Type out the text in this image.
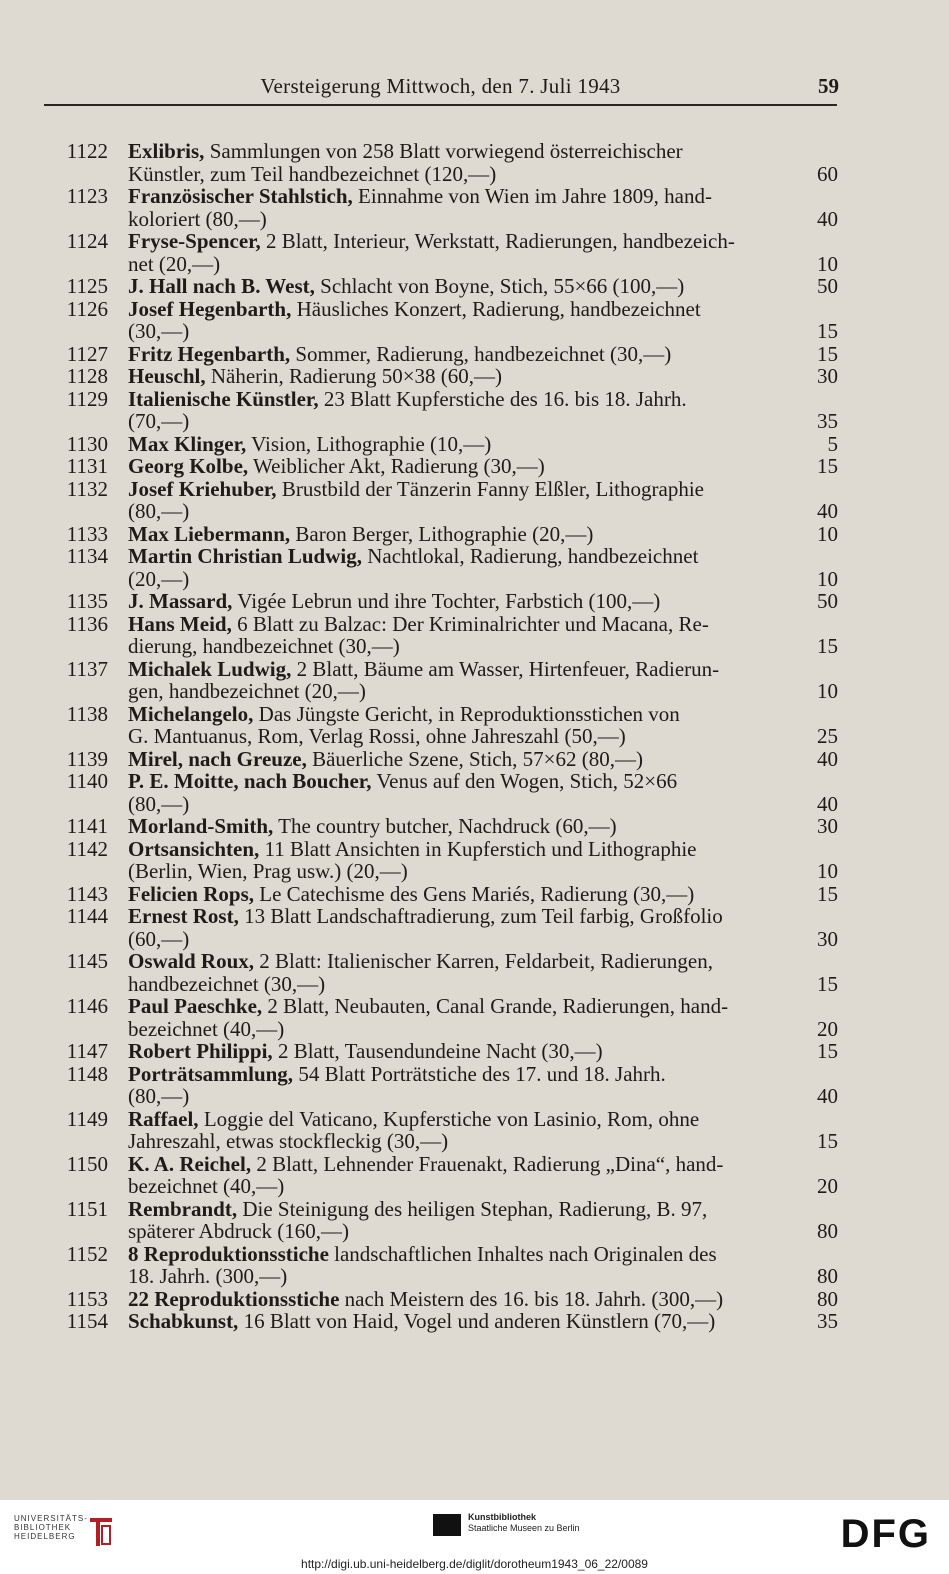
Versteigerung Mittwoch, den 7. Juli 1943	59
1122 Exlibris, Sammlungen von 258 Blatt vorwiegend österreichischer
Künstler, zum Teil handbezeichnet (120,—)	60
1123 Französischer Stahlstich, Einnahme von Wien im Jahre 1809, hand-
koloriert (80,—)	40
1124 Fryse-Spencer, 2 Blatt, Interieur, Werkstatt, Radierungen, handbezeich-
net (20,—)	10
1125 J. Hall nach B. West, Schlacht von Boyne, Stich, 55×66 (100,—)	50
1126 Josef Hegenbarth, Häusliches Konzert, Radierung, handbezeichnet
(30,—)	15
1127 Fritz Hegenbarth, Sommer, Radierung, handbezeichnet (30,—)	15
1128 Heuschl, Näherin, Radierung 50×38 (60,—)	30
1129 Italienische Künstler, 23 Blatt Kupferstiche des 16. bis 18. Jahrh.
(70,—)	35
1130 Max Klinger, Vision, Lithographie (10,—)	5
1131 Georg Kolbe, Weiblicher Akt, Radierung (30,—)	15
1132 Josef Kriehuber, Brustbild der Tänzerin Fanny Elßler, Lithographie
(80,—)	40
1133 Max Liebermann, Baron Berger, Lithographie (20,—)	10
1134 Martin Christian Ludwig, Nachtlokal, Radierung, handbezeichnet
(20,—)	10
1135 J. Massard, Vigée Lebrun und ihre Tochter, Farbstich (100,—)	50
1136 Hans Meid, 6 Blatt zu Balzac: Der Kriminalrichter und Macana, Re-
dierung, handbezeichnet (30,—)	15
1137 Michalek Ludwig, 2 Blatt, Bäume am Wasser, Hirtenfeuer, Radierun-
gen, handbezeichnet (20,—)	10
1138 Michelangelo, Das Jüngste Gericht, in Reproduktionsstichen von
G. Mantuanus, Rom, Verlag Rossi, ohne Jahreszahl (50,—)	25
1139 Mirel, nach Greuze, Bäuerliche Szene, Stich, 57×62 (80,—)	40
1140 P. E. Moitte, nach Boucher, Venus auf den Wogen, Stich, 52×66
(80,—)	40
1141 Morland-Smith, The country butcher, Nachdruck (60,—)	30
1142 Ortsansichten, 11 Blatt Ansichten in Kupferstich und Lithographie
(Berlin, Wien, Prag usw.) (20,—)	10
1143 Felicien Rops, Le Catechisme des Gens Mariés, Radierung (30,—)	15
1144 Ernest Rost, 13 Blatt Landschaftradierung, zum Teil farbig, Großfolio
(60,—)	30
1145 Oswald Roux, 2 Blatt: Italienischer Karren, Feldarbeit, Radierungen,
handbezeichnet (30,—)	15
1146 Paul Paeschke, 2 Blatt, Neubauten, Canal Grande, Radierungen, hand-
bezeichnet (40,—)	20
1147 Robert Philippi, 2 Blatt, Tausendundeine Nacht (30,—)	15
1148 Porträtsammlung, 54 Blatt Porträtstiche des 17. und 18. Jahrh.
(80,—)	40
1149 Raffael, Loggie del Vaticano, Kupferstiche von Lasinio, Rom, ohne
Jahreszahl, etwas stockfleckig (30,—)	15
1150 K. A. Reichel, 2 Blatt, Lehnender Frauenakt, Radierung „Dina“, hand-
bezeichnet (40,—)	20
1151 Rembrandt, Die Steinigung des heiligen Stephan, Radierung, B. 97,
späterer Abdruck (160,—)	80
1152 8 Reproduktionsstiche landschaftlichen Inhaltes nach Originalen des
18. Jahrh. (300,—)	80
1153 22 Reproduktionsstiche nach Meistern des 16. bis 18. Jahrh. (300,—)	80
1154 Schabkunst, 16 Blatt von Haid, Vogel und anderen Künstlern (70,—)	35
UNIVERSITÄTS-
BIBLIOTHEK
HEIDELBERG
Kunstbibliothek
Staatliche Museen zu Berlin	DFG
http://digi.ub.uni-heidelberg.de/diglit/dorotheum1943_06_22/0089
